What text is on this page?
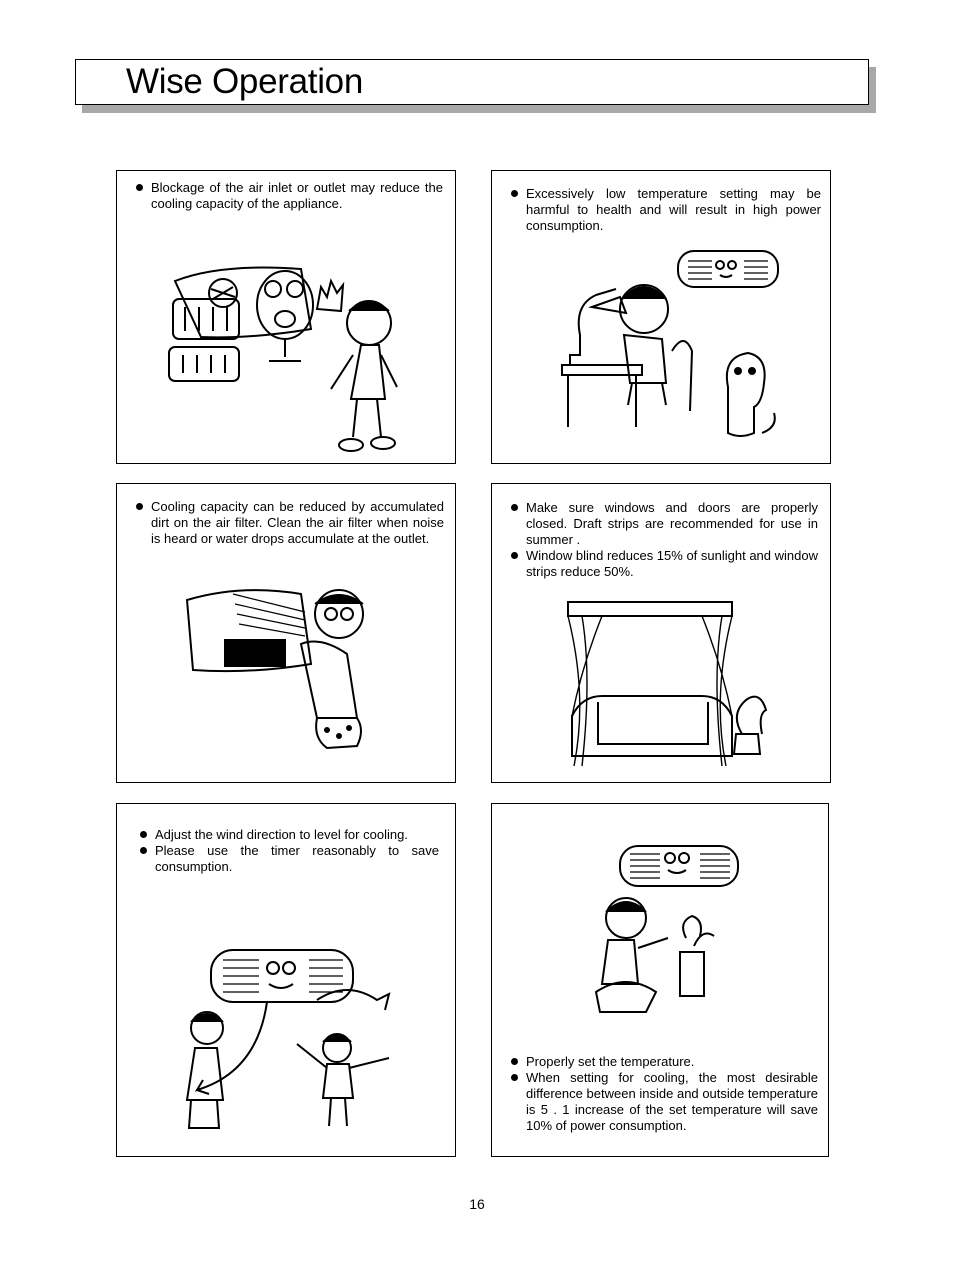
Wise Operation
Blockage of the air inlet or outlet may reduce the cooling capacity of the appliance.
Excessively low temperature setting may be harmful to health and will result in high power consumption.
Cooling capacity can be reduced by accumulated dirt on the air filter. Clean the air filter when noise is heard or water drops accumulate at the outlet.
Make sure windows and doors are properly closed. Draft strips are recommended for use in summer .
Window blind reduces 15% of sunlight and window strips reduce 50%.
Adjust the wind direction to level for cooling.
Please use the timer reasonably to save consumption.
Properly set the temperature.
When setting for cooling, the most desirable difference between inside and outside temperature is 5 . 1 increase of the set temperature will save 10% of power consumption.
16
